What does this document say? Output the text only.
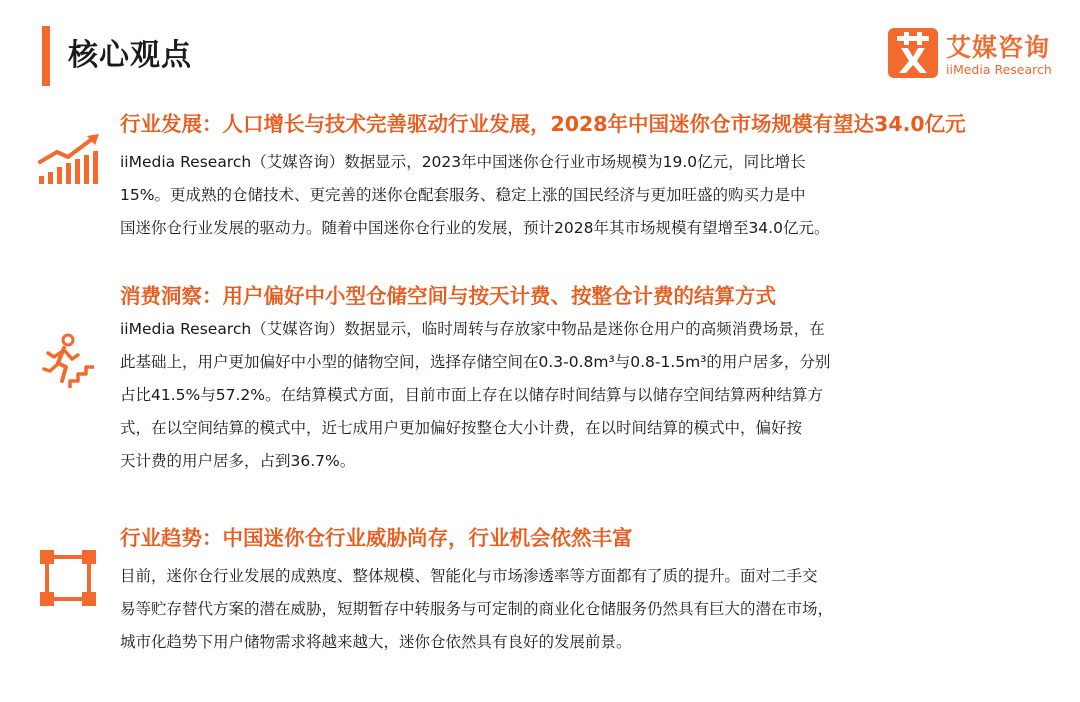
核心观点	艾媒咨询
iiMedia Research
行业发展：人口增长与技术完善驱动行业发展，2028年中国迷你仓市场规模有望达34.0亿元
iiMedia Research（艾媒咨询）数据显示，2023年中国迷你仓行业市场规模为19.0亿元，同比增长
15%。更成熟的仓储技术、更完善的迷你仓配套服务、稳定上涨的国民经济与更加旺盛的购买力是中
国迷你仓行业发展的驱动力。随着中国迷你仓行业的发展，预计2028年其市场规模有望增至34.0亿元。
消费洞察：用户偏好中小型仓储空间与按天计费、按整仓计费的结算方式
iiMedia Research（艾媒咨询）数据显示，临时周转与存放家中物品是迷你仓用户的高频消费场景，在
此基础上，用户更加偏好中小型的储物空间，选择存储空间在0.3-0.8m³与0.8-1.5m³的用户居多，分别
占比41.5%与57.2%。在结算模式方面，目前市面上存在以储存时间结算与以储存空间结算两种结算方
式，在以空间结算的模式中，近七成用户更加偏好按整仓大小计费，在以时间结算的模式中，偏好按
天计费的用户居多，占到36.7%。
行业趋势：中国迷你仓行业威胁尚存，行业机会依然丰富
目前，迷你仓行业发展的成熟度、整体规模、智能化与市场渗透率等方面都有了质的提升。面对二手交
易等贮存替代方案的潜在威胁，短期暂存中转服务与可定制的商业化仓储服务仍然具有巨大的潜在市场，
城市化趋势下用户储物需求将越来越大，迷你仓依然具有良好的发展前景。
